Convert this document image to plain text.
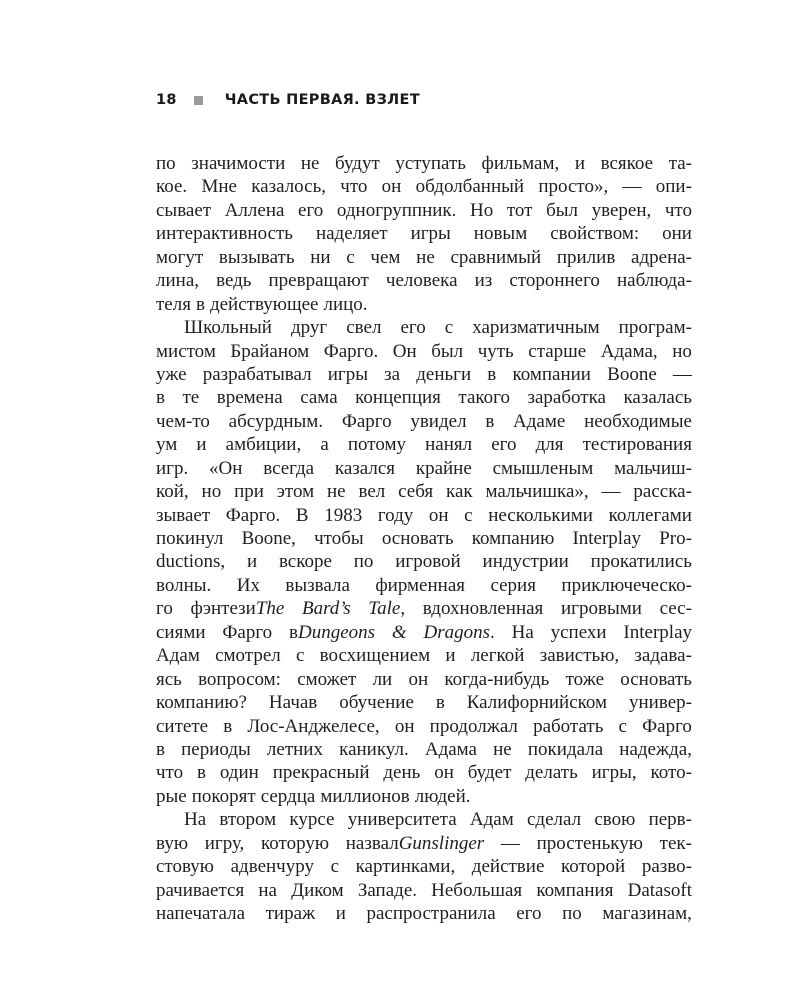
18	ЧАСТЬ ПЕРВАЯ. ВЗЛЕТ
по значимости не будут уступать фильмам, и всякое та-
кое. Мне казалось, что он обдолбанный просто», — опи-
сывает Аллена его одногруппник. Но тот был уверен, что
интерактивность наделяет игры новым свойством: они
могут вызывать ни с чем не сравнимый прилив адрена-
лина, ведь превращают человека из стороннего наблюда-
теля в действующее лицо.
Школьный друг свел его с харизматичным програм-
мистом Брайаном Фарго. Он был чуть старше Адама, но
уже разрабатывал игры за деньги в компании Boone —
в те времена сама концепция такого заработка казалась
чем-то абсурдным. Фарго увидел в Адаме необходимые
ум и амбиции, а потому нанял его для тестирования
игр. «Он всегда казался крайне смышленым мальчиш-
кой, но при этом не вел себя как мальчишка», — расска-
зывает Фарго. В 1983 году он с несколькими коллегами
покинул Boone, чтобы основать компанию Interplay Pro-
ductions, и вскоре по игровой индустрии прокатились
волны. Их вызвала фирменная серия приключеческо-
го фэнтезиThe Bard’s Tale, вдохновленная игровыми сес-
сиями Фарго вDungeons & Dragons. На успехи Interplay
Адам смотрел с восхищением и легкой завистью, задава-
ясь вопросом: сможет ли он когда-нибудь тоже основать
компанию? Начав обучение в Калифорнийском универ-
ситете в Лос-Анджелесе, он продолжал работать с Фарго
в периоды летних каникул. Адама не покидала надежда,
что в один прекрасный день он будет делать игры, кото-
рые покорят сердца миллионов людей.
На втором курсе университета Адам сделал свою перв-
вую игру, которую назвалGunslinger — простенькую тек-
стовую адвенчуру с картинками, действие которой разво-
рачивается на Диком Западе. Небольшая компания Datasoft
напечатала тираж и распространила его по магазинам,
